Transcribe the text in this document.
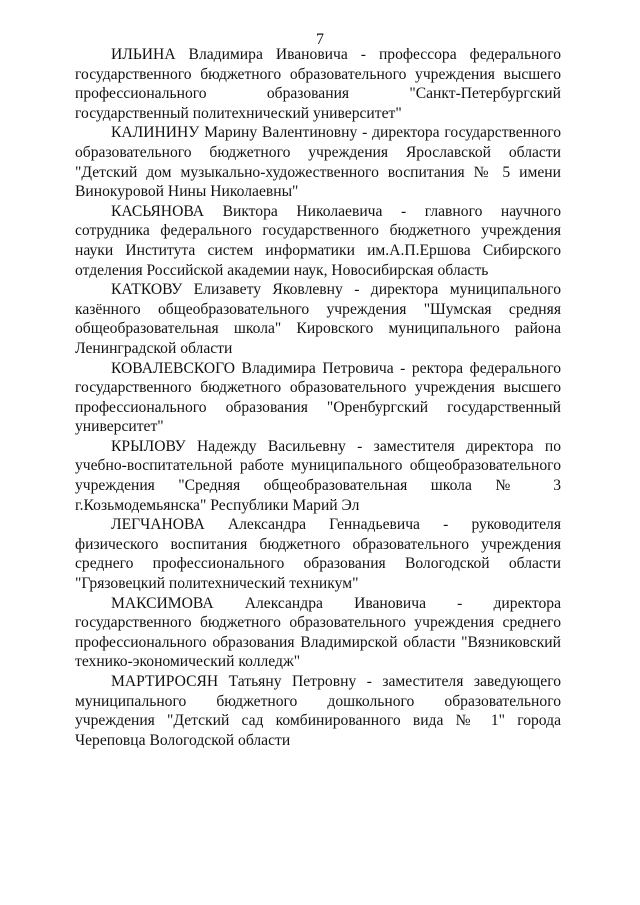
7

ИЛЬИНА Владимира Ивановича - профессора федерального государственного бюджетного образовательного учреждения высшего профессионального образования "Санкт-Петербургский государственный политехнический университет"

КАЛИНИНУ Марину Валентиновну - директора государственного образовательного бюджетного учреждения Ярославской области "Детский дом музыкально-художественного воспитания № 5 имени Винокуровой Нины Николаевны"

КАСЬЯНОВА Виктора Николаевича - главного научного сотрудника федерального государственного бюджетного учреждения науки Института систем информатики им.А.П.Ершова Сибирского отделения Российской академии наук, Новосибирская область

КАТКОВУ Елизавету Яковлевну - директора муниципального казённого общеобразовательного учреждения "Шумская средняя общеобразовательная школа" Кировского муниципального района Ленинградской области

КОВАЛЕВСКОГО Владимира Петровича - ректора федерального государственного бюджетного образовательного учреждения высшего профессионального образования "Оренбургский государственный университет"

КРЫЛОВУ Надежду Васильевну - заместителя директора по учебно-воспитательной работе муниципального общеобразовательного учреждения "Средняя общеобразовательная школа № 3 г.Козьмодемьянска" Республики Марий Эл

ЛЕГЧАНОВА Александра Геннадьевича - руководителя физического воспитания бюджетного образовательного учреждения среднего профессионального образования Вологодской области "Грязовецкий политехнический техникум"

МАКСИМОВА Александра Ивановича - директора государственного бюджетного образовательного учреждения среднего профессионального образования Владимирской области "Вязниковский технико-экономический колледж"

МАРТИРОСЯН Татьяну Петровну - заместителя заведующего муниципального бюджетного дошкольного образовательного учреждения "Детский сад комбинированного вида № 1" города Череповца Вологодской области
